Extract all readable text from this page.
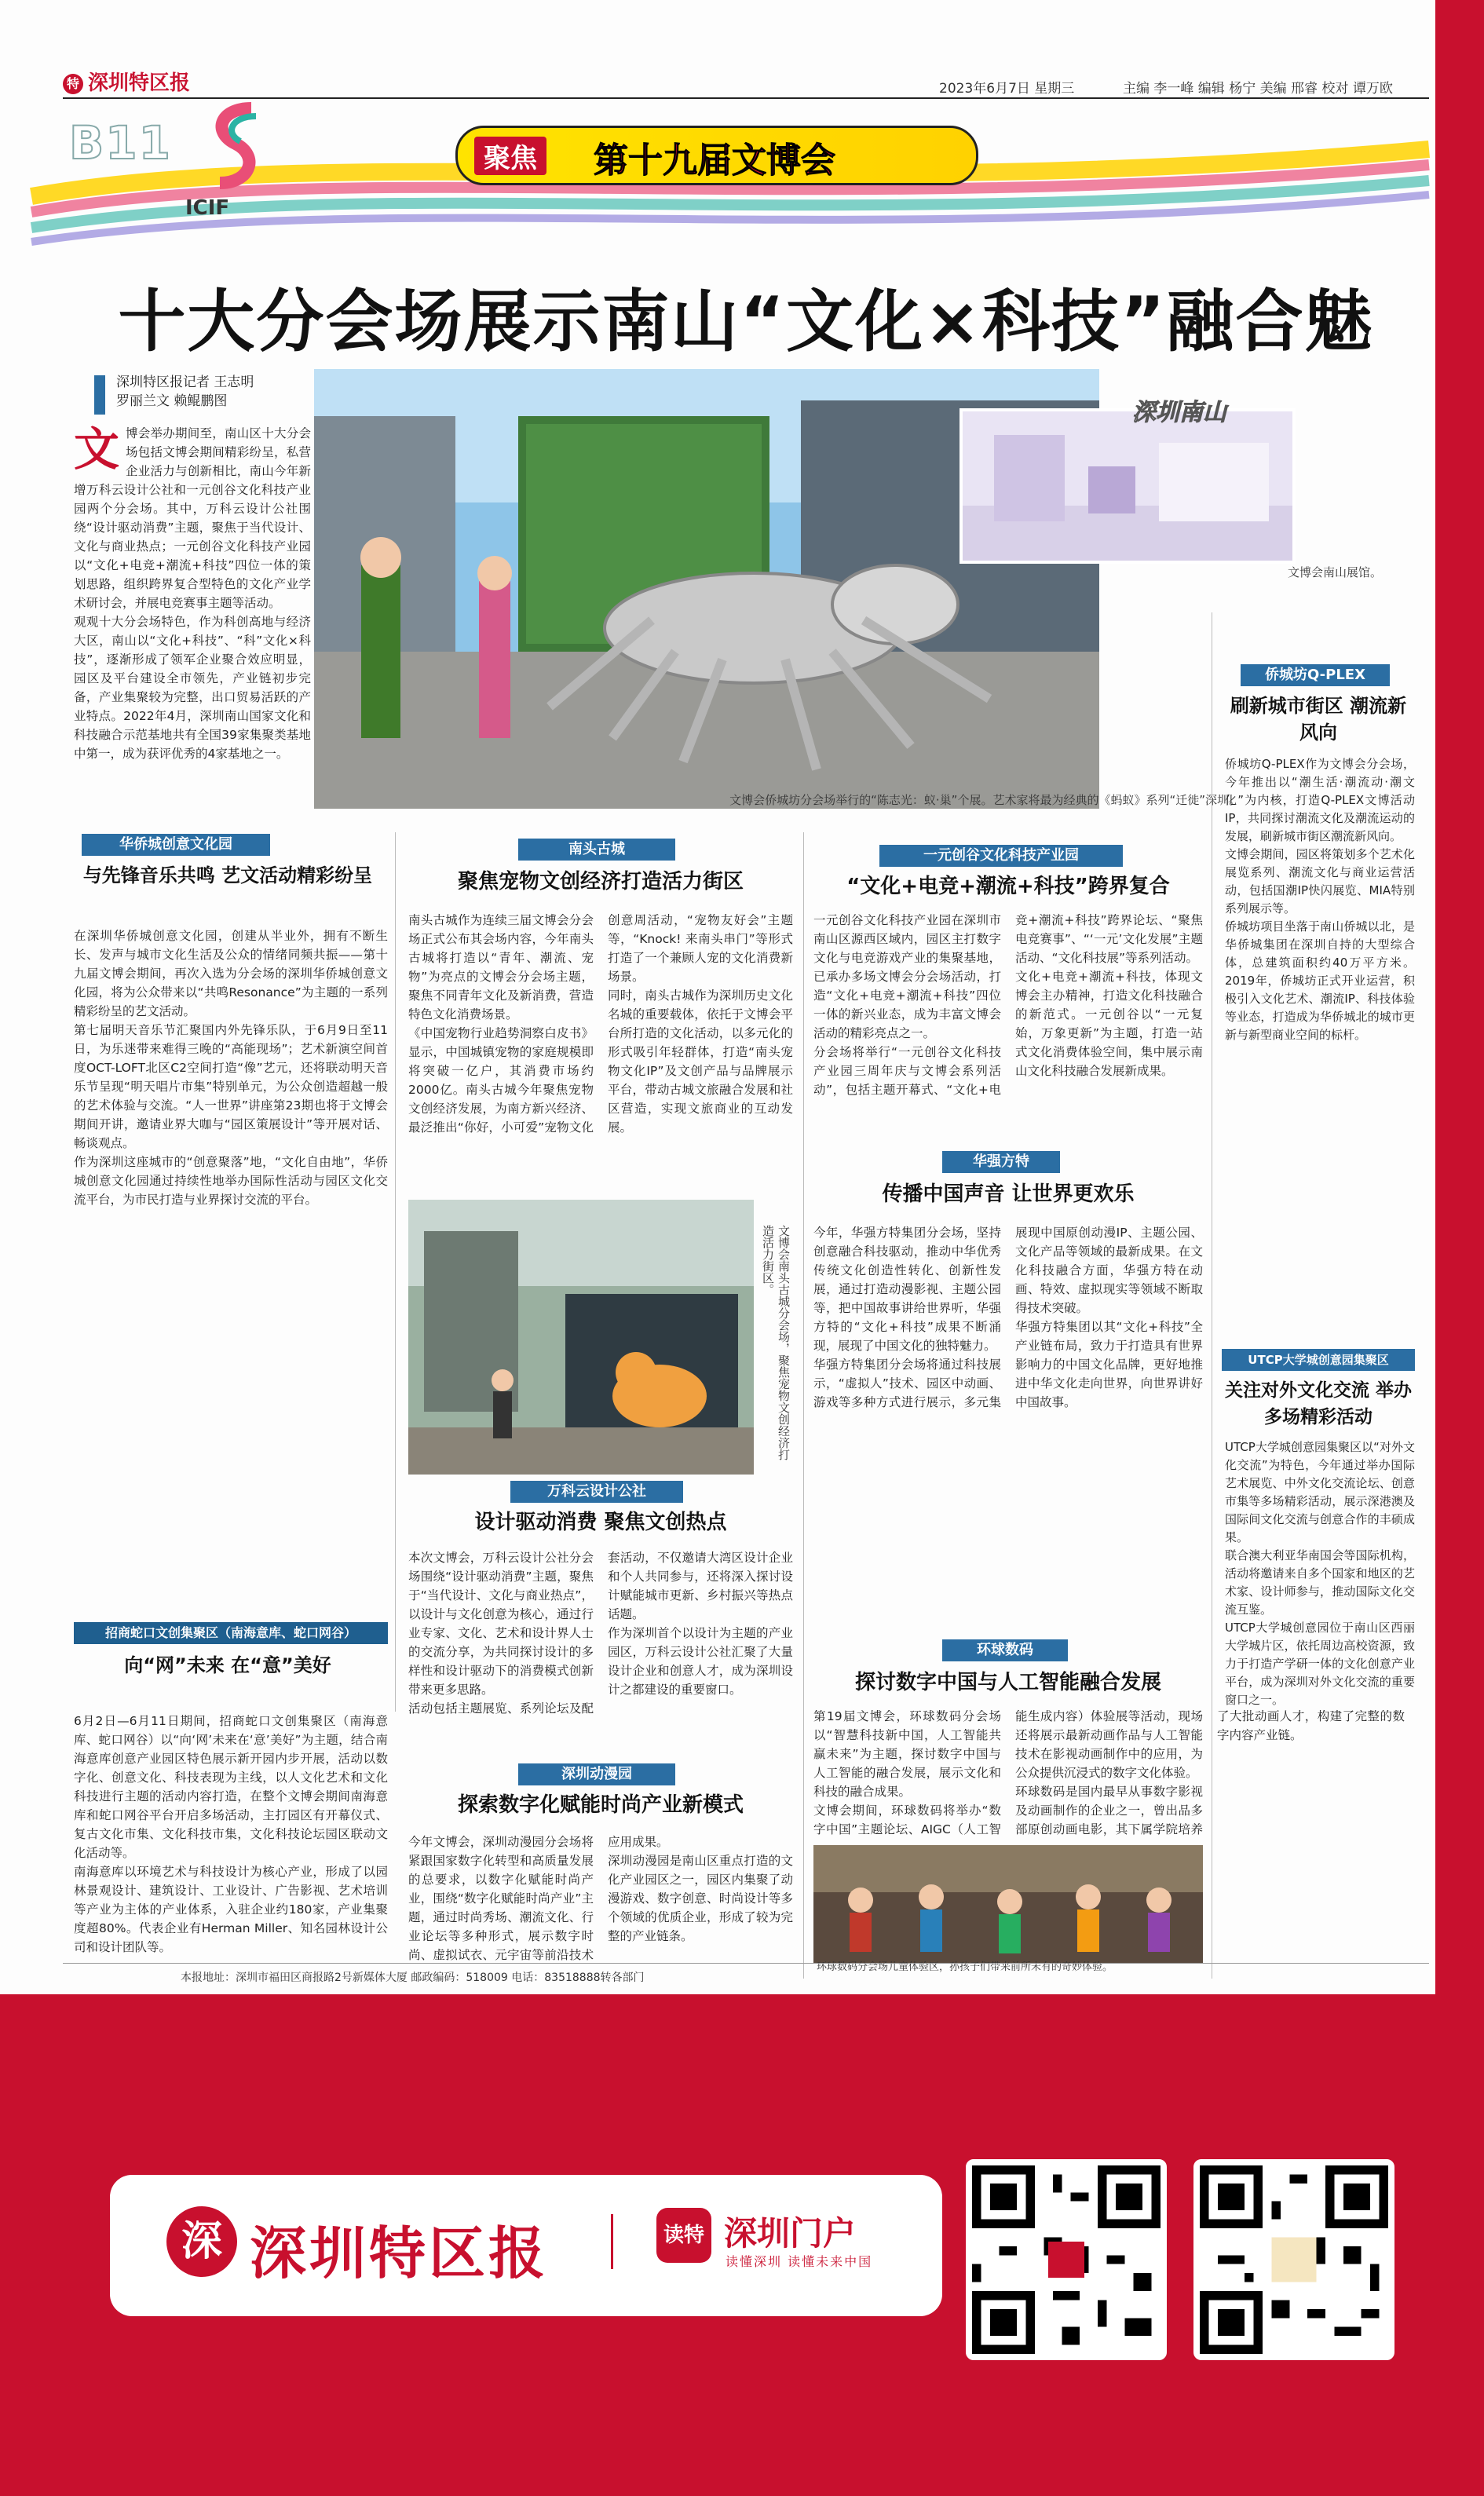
特 深圳特区报	2023年6月7日 星期三	主编 李一峰 编辑 杨宁 美编 邢睿 校对 谭万欧
B11
ICIF
聚焦 第十九届文博会
十大分会场展示南山“文化×科技”融合魅
深圳特区报记者 王志明
罗丽兰文 赖鲲鹏图
文博会举办期间至，南山区十大分会场包括文博会期间精彩纷呈，私营企业活力与创新相比，南山今年新增万科云设计公社和一元创谷文化科技产业园两个分会场。其中，万科云设计公社围绕“设计驱动消费”主题，聚焦于当代设计、文化与商业热点；一元创谷文化科技产业园以“文化+电竞+潮流+科技”四位一体的策划思路，组织跨界复合型特色的文化产业学术研讨会，并展电竞赛事主题等活动。
观观十大分会场特色，作为科创高地与经济大区，南山以“文化+科技”、“科”文化×科技”，逐渐形成了领军企业聚合效应明显，园区及平台建设全市领先，产业链初步完备，产业集聚较为完整，出口贸易活跃的产业特点。2022年4月，深圳南山国家文化和科技融合示范基地共有全国39家集聚类基地中第一，成为获评优秀的4家基地之一。
文博会侨城坊分会场举行的“陈志光：蚁·巢”个展。艺术家将最为经典的《蚂蚁》系列“迁徙”深圳。
深圳南山
文博会南山展馆。
华侨城创意文化园
与先锋音乐共鸣 艺文活动精彩纷呈
在深圳华侨城创意文化园，创建从半业外，拥有不断生长、发声与城市文化生活及公众的情绪同频共振——第十九届文博会期间，再次入选为分会场的深圳华侨城创意文化园，将为公众带来以“共鸣Resonance”为主题的一系列精彩纷呈的艺文活动。
第七届明天音乐节汇聚国内外先锋乐队，于6月9日至11日，为乐迷带来难得三晚的“高能现场”；艺术新演空间首度OCT-LOFT北区C2空间打造“像”艺元，还将联动明天音乐节呈现“明天唱片市集”特别单元，为公众创造超越一般的艺术体验与交流。“人一世界”讲座第23期也将于文博会期间开讲，邀请业界大咖与“园区策展设计”等开展对话、畅谈观点。
作为深圳这座城市的“创意聚落”地，“文化自由地”，华侨城创意文化园通过持续性地举办国际性活动与园区文化交流平台，为市民打造与业界探讨交流的平台。
招商蛇口文创集聚区（南海意库、蛇口网谷）
向“网”未来 在“意”美好
6月2日—6月11日期间，招商蛇口文创集聚区（南海意库、蛇口网谷）以“向‘网’未来在‘意’美好”为主题，结合南海意库创意产业园区特色展示新开园内步开展，活动以数字化、创意文化、科技表现为主线，以人文化艺术和文化科技进行主题的活动内容打造，在整个文博会期间南海意库和蛇口网谷平台开启多场活动，主打园区有开幕仪式、复古文化市集、文化科技市集，文化科技论坛园区联动文化活动等。
南海意库以环境艺术与科技设计为核心产业，形成了以园林景观设计、建筑设计、工业设计、广告影视、艺术培训等产业为主体的产业体系，入驻企业约180家，产业集聚度超80%。代表企业有Herman Miller、知名园林设计公司和设计团队等。
南头古城
聚焦宠物文创经济打造活力街区
南头古城作为连续三届文博会分会场正式公布其会场内容，今年南头古城将打造以“青年、潮流、宠物”为亮点的文博会分会场主题，聚焦不同青年文化及新消费，营造特色文化消费场景。
《中国宠物行业趋势洞察白皮书》显示，中国城镇宠物的家庭规模即将突破一亿户，其消费市场约2000亿。南头古城今年聚焦宠物文创经济发展，为南方新兴经济、最泛推出“你好，小可爱”宠物文化创意周活动，“宠物友好会”主题等，“Knock! 来南头串门”等形式打造了一个兼顾人宠的文化消费新场景。
同时，南头古城作为深圳历史文化名城的重要载体，依托于文博会平台所打造的文化活动，以多元化的形式吸引年轻群体，打造“南头宠物文化IP”及文创产品与品牌展示平台，带动古城文旅融合发展和社区营造，实现文旅商业的互动发展。
文博会南头古城分会场，聚焦宠物文创经济打造活力街区。
万科云设计公社
设计驱动消费 聚焦文创热点
本次文博会，万科云设计公社分会场围绕“设计驱动消费”主题，聚焦于“当代设计、文化与商业热点”，以设计与文化创意为核心，通过行业专家、文化、艺术和设计界人士的交流分享，为共同探讨设计的多样性和设计驱动下的消费模式创新带来更多思路。
活动包括主题展览、系列论坛及配套活动，不仅邀请大湾区设计企业和个人共同参与，还将深入探讨设计赋能城市更新、乡村振兴等热点话题。
作为深圳首个以设计为主题的产业园区，万科云设计公社汇聚了大量设计企业和创意人才，成为深圳设计之都建设的重要窗口。
深圳动漫园
探索数字化赋能时尚产业新模式
今年文博会，深圳动漫园分会场将紧跟国家数字化转型和高质量发展的总要求，以数字化赋能时尚产业，围绕“数字化赋能时尚产业”主题，通过时尚秀场、潮流文化、行业论坛等多种形式，展示数字时尚、虚拟试衣、元宇宙等前沿技术应用成果。
深圳动漫园是南山区重点打造的文化产业园区之一，园区内集聚了动漫游戏、数字创意、时尚设计等多个领域的优质企业，形成了较为完整的产业链条。
一元创谷文化科技产业园
“文化+电竞+潮流+科技”跨界复合
一元创谷文化科技产业园在深圳市南山区源西区域内，园区主打数字文化与电竞游戏产业的集聚基地，已承办多场文博会分会场活动，打造“文化+电竞+潮流+科技”四位一体的新兴业态，成为丰富文博会活动的精彩亮点之一。
分会场将举行“一元创谷文化科技产业园三周年庆与文博会系列活动”，包括主题开幕式、“文化+电竞+潮流+科技”跨界论坛、“聚焦电竞赛事”、“‘一元’文化发展”主题活动、“文化科技展”等系列活动。
文化+电竞+潮流+科技，体现文博会主办精神，打造文化科技融合的新范式。一元创谷以“一元复始，万象更新”为主题，打造一站式文化消费体验空间，集中展示南山文化科技融合发展新成果。
华强方特
传播中国声音 让世界更欢乐
今年，华强方特集团分会场，坚持创意融合科技驱动，推动中华优秀传统文化创造性转化、创新性发展，通过打造动漫影视、主题公园等，把中国故事讲给世界听，华强方特的“文化+科技”成果不断涌现，展现了中国文化的独特魅力。
华强方特集团分会场将通过科技展示，“虚拟人”技术、园区中动画、游戏等多种方式进行展示，多元集展现中国原创动漫IP、主题公园、文化产品等领域的最新成果。在文化科技融合方面，华强方特在动画、特效、虚拟现实等领域不断取得技术突破。
华强方特集团以其“文化+科技”全产业链布局，致力于打造具有世界影响力的中国文化品牌，更好地推进中华文化走向世界，向世界讲好中国故事。
环球数码
探讨数字中国与人工智能融合发展
第19届文博会，环球数码分会场以“智慧科技新中国，人工智能共赢未来”为主题，探讨数字中国与人工智能的融合发展，展示文化和科技的融合成果。
文博会期间，环球数码将举办“数字中国”主题论坛、AIGC（人工智能生成内容）体验展等活动，现场还将展示最新动画作品与人工智能技术在影视动画制作中的应用，为公众提供沉浸式的数字文化体验。
环球数码是国内最早从事数字影视及动画制作的企业之一，曾出品多部原创动画电影，其下属学院培养了大批动画人才，构建了完整的数字内容产业链。
环球数码分会场儿童体验区，孙孩子们带来前所未有的奇妙体验。
侨城坊Q-PLEX
刷新城市街区 潮流新风向
侨城坊Q-PLEX作为文博会分会场，今年推出以“潮生活·潮流动·潮文化”为内核，打造Q-PLEX文博活动IP，共同探讨潮流文化及潮流运动的发展，刷新城市街区潮流新风向。
文博会期间，园区将策划多个艺术化展览系列、潮流文化与商业运营活动，包括国潮IP快闪展览、MIA特别系列展示等。
侨城坊项目坐落于南山侨城以北，是华侨城集团在深圳自持的大型综合体，总建筑面积约40万平方米。2019年，侨城坊正式开业运营，积极引入文化艺术、潮流IP、科技体验等业态，打造成为华侨城北的城市更新与新型商业空间的标杆。
UTCP大学城创意园集聚区
关注对外文化交流 举办多场精彩活动
UTCP大学城创意园集聚区以“对外文化交流”为特色，今年通过举办国际艺术展览、中外文化交流论坛、创意市集等多场精彩活动，展示深港澳及国际间文化交流与创意合作的丰硕成果。
联合澳大利亚华南国会等国际机构，活动将邀请来自多个国家和地区的艺术家、设计师参与，推动国际文化交流互鉴。
UTCP大学城创意园位于南山区西丽大学城片区，依托周边高校资源，致力于打造产学研一体的文化创意产业平台，成为深圳对外文化交流的重要窗口之一。
本报地址：深圳市福田区商报路2号新媒体大厦 邮政编码：518009 电话：83518888转各部门
深 深圳特区报	读特 深圳门户
读懂深圳 读懂未来中国
